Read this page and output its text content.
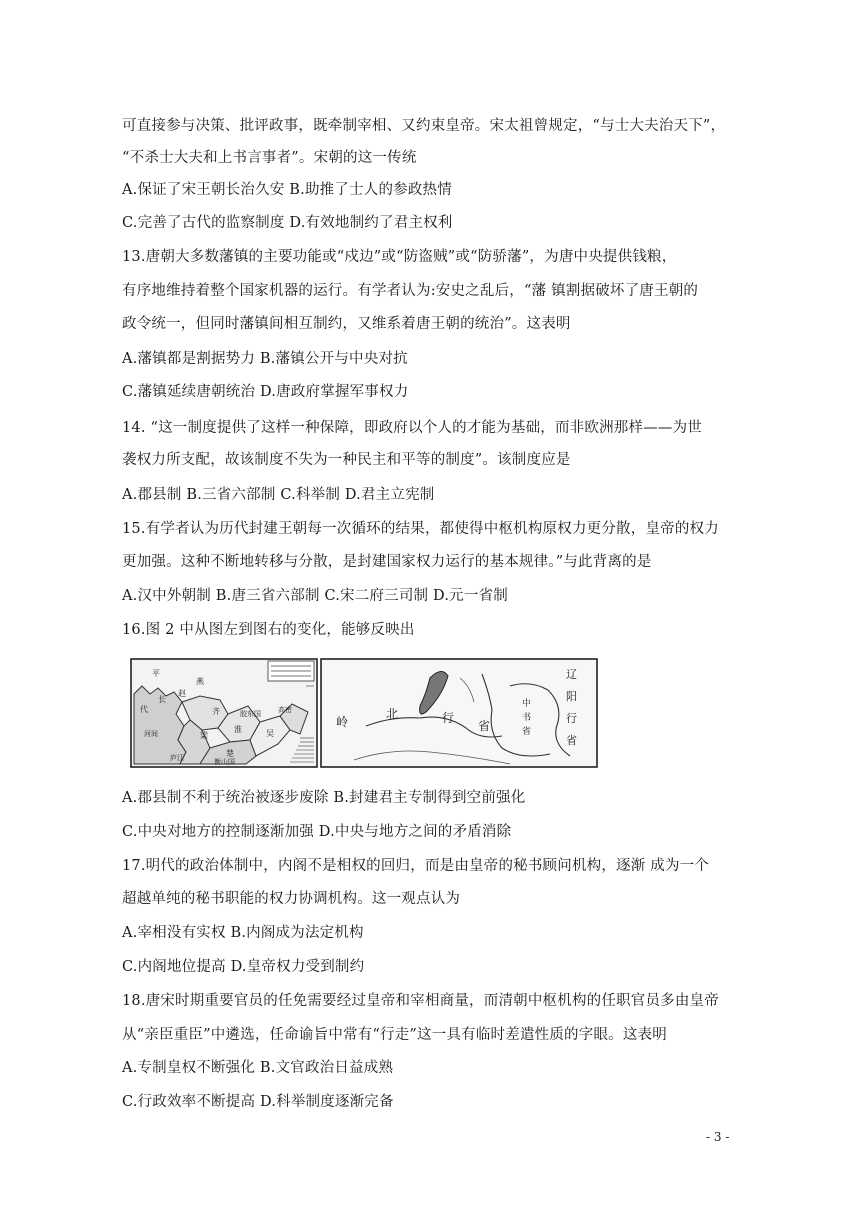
可直接参与决策、批评政事，既牵制宰相、又约束皇帝。宋太祖曾规定，“与士大夫治天下”，
“不杀士大夫和上书言事者”。宋朝的这一传统
A.保证了宋王朝长治久安 B.助推了士人的参政热情
C.完善了古代的监察制度 D.有效地制约了君主权利
13.唐朝大多数藩镇的主要功能或“戍边”或“防盗贼”或“防骄藩”，为唐中央提供钱粮，
有序地维持着整个国家机器的运行。有学者认为:安史之乱后，“藩 镇割据破坏了唐王朝的
政令统一，但同时藩镇间相互制约，又维系着唐王朝的统治”。这表明
A.藩镇都是割据势力 B.藩镇公开与中央对抗
C.藩镇延续唐朝统治 D.唐政府掌握军事权力
14. “这一制度提供了这样一种保障，即政府以个人的才能为基础，而非欧洲那样——为世
袭权力所支配，故该制度不失为一种民主和平等的制度”。该制度应是
A.郡县制 B.三省六部制 C.科举制 D.君主立宪制
15.有学者认为历代封建王朝每一次循环的结果，都使得中枢机构原权力更分散，皇帝的权力
更加强。这种不断地转移与分散，是封建国家权力运行的基本规律。”与此背离的是
A.汉中外朝制 B.唐三省六部制 C.宋二府三司制 D.元一省制
16.图 2 中从图左到图右的变化，能够反映出
平
长
燕
齐
吴
楚
梁
淮
胶东国
庐江	衡山国
高密
赵
代
河间
岭
北	行
省
辽
阳
行
省
中
书
省
A.郡县制不利于统治被逐步废除 B.封建君主专制得到空前强化
C.中央对地方的控制逐渐加强 D.中央与地方之间的矛盾消除
17.明代的政治体制中，内阁不是相权的回归，而是由皇帝的秘书顾问机构，逐渐 成为一个
超越单纯的秘书职能的权力协调机构。这一观点认为
A.宰相没有实权 B.内阁成为法定机构
C.内阁地位提高 D.皇帝权力受到制约
18.唐宋时期重要官员的任免需要经过皇帝和宰相商量，而清朝中枢机构的任职官员多由皇帝
从“亲臣重臣”中遴选，任命谕旨中常有“行走”这一具有临时差遣性质的字眼。这表明
A.专制皇权不断强化 B.文官政治日益成熟
C.行政效率不断提高 D.科举制度逐渐完备
- 3 -
